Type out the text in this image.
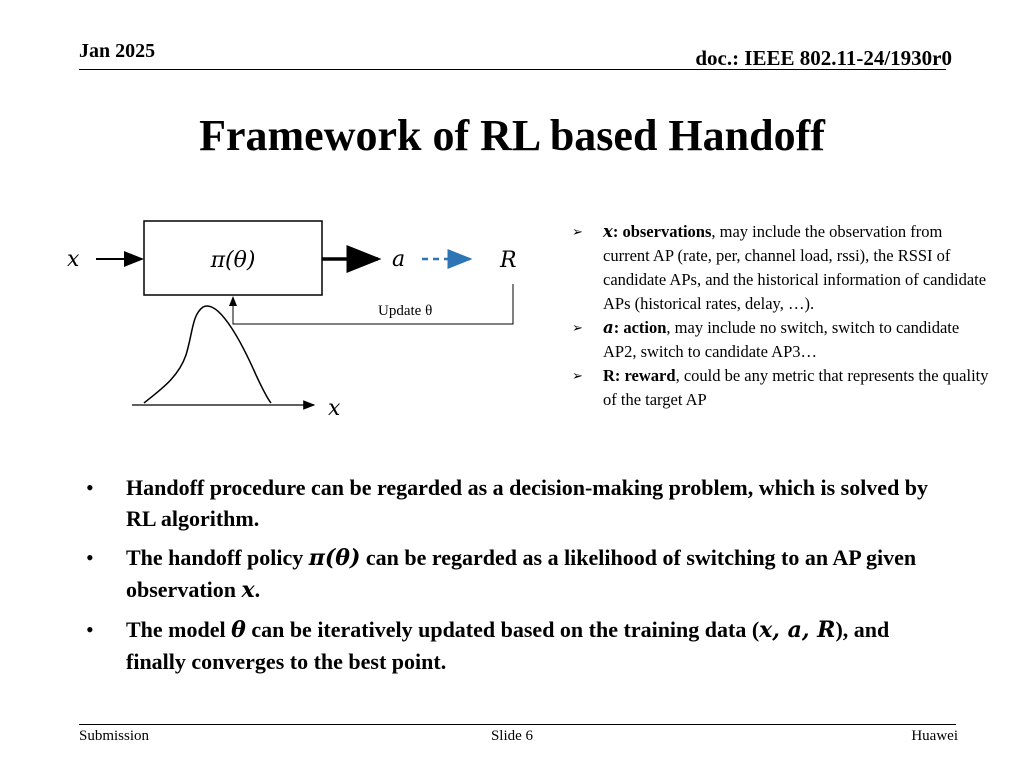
Jan 2025	doc.: IEEE 802.11-24/1930r0
Framework of RL based Handoff
x	π(θ)	a	R
Update θ
x
➢ x: observations, may include the observation from current AP (rate, per, channel load, rssi), the RSSI of candidate APs, and the historical information of candidate APs (historical rates, delay, …).
➢ a: action, may include no switch, switch to candidate AP2, switch to candidate AP3…
➢ R: reward, could be any metric that represents the quality of the target AP
• Handoff procedure can be regarded as a decision-making problem, which is solved by RL algorithm.
• The handoff policy π(θ) can be regarded as a likelihood of switching to an AP given observation x.
• The model θ can be iteratively updated based on the training data (x, a, R), and finally converges to the best point.
Submission	Slide 6	Huawei
